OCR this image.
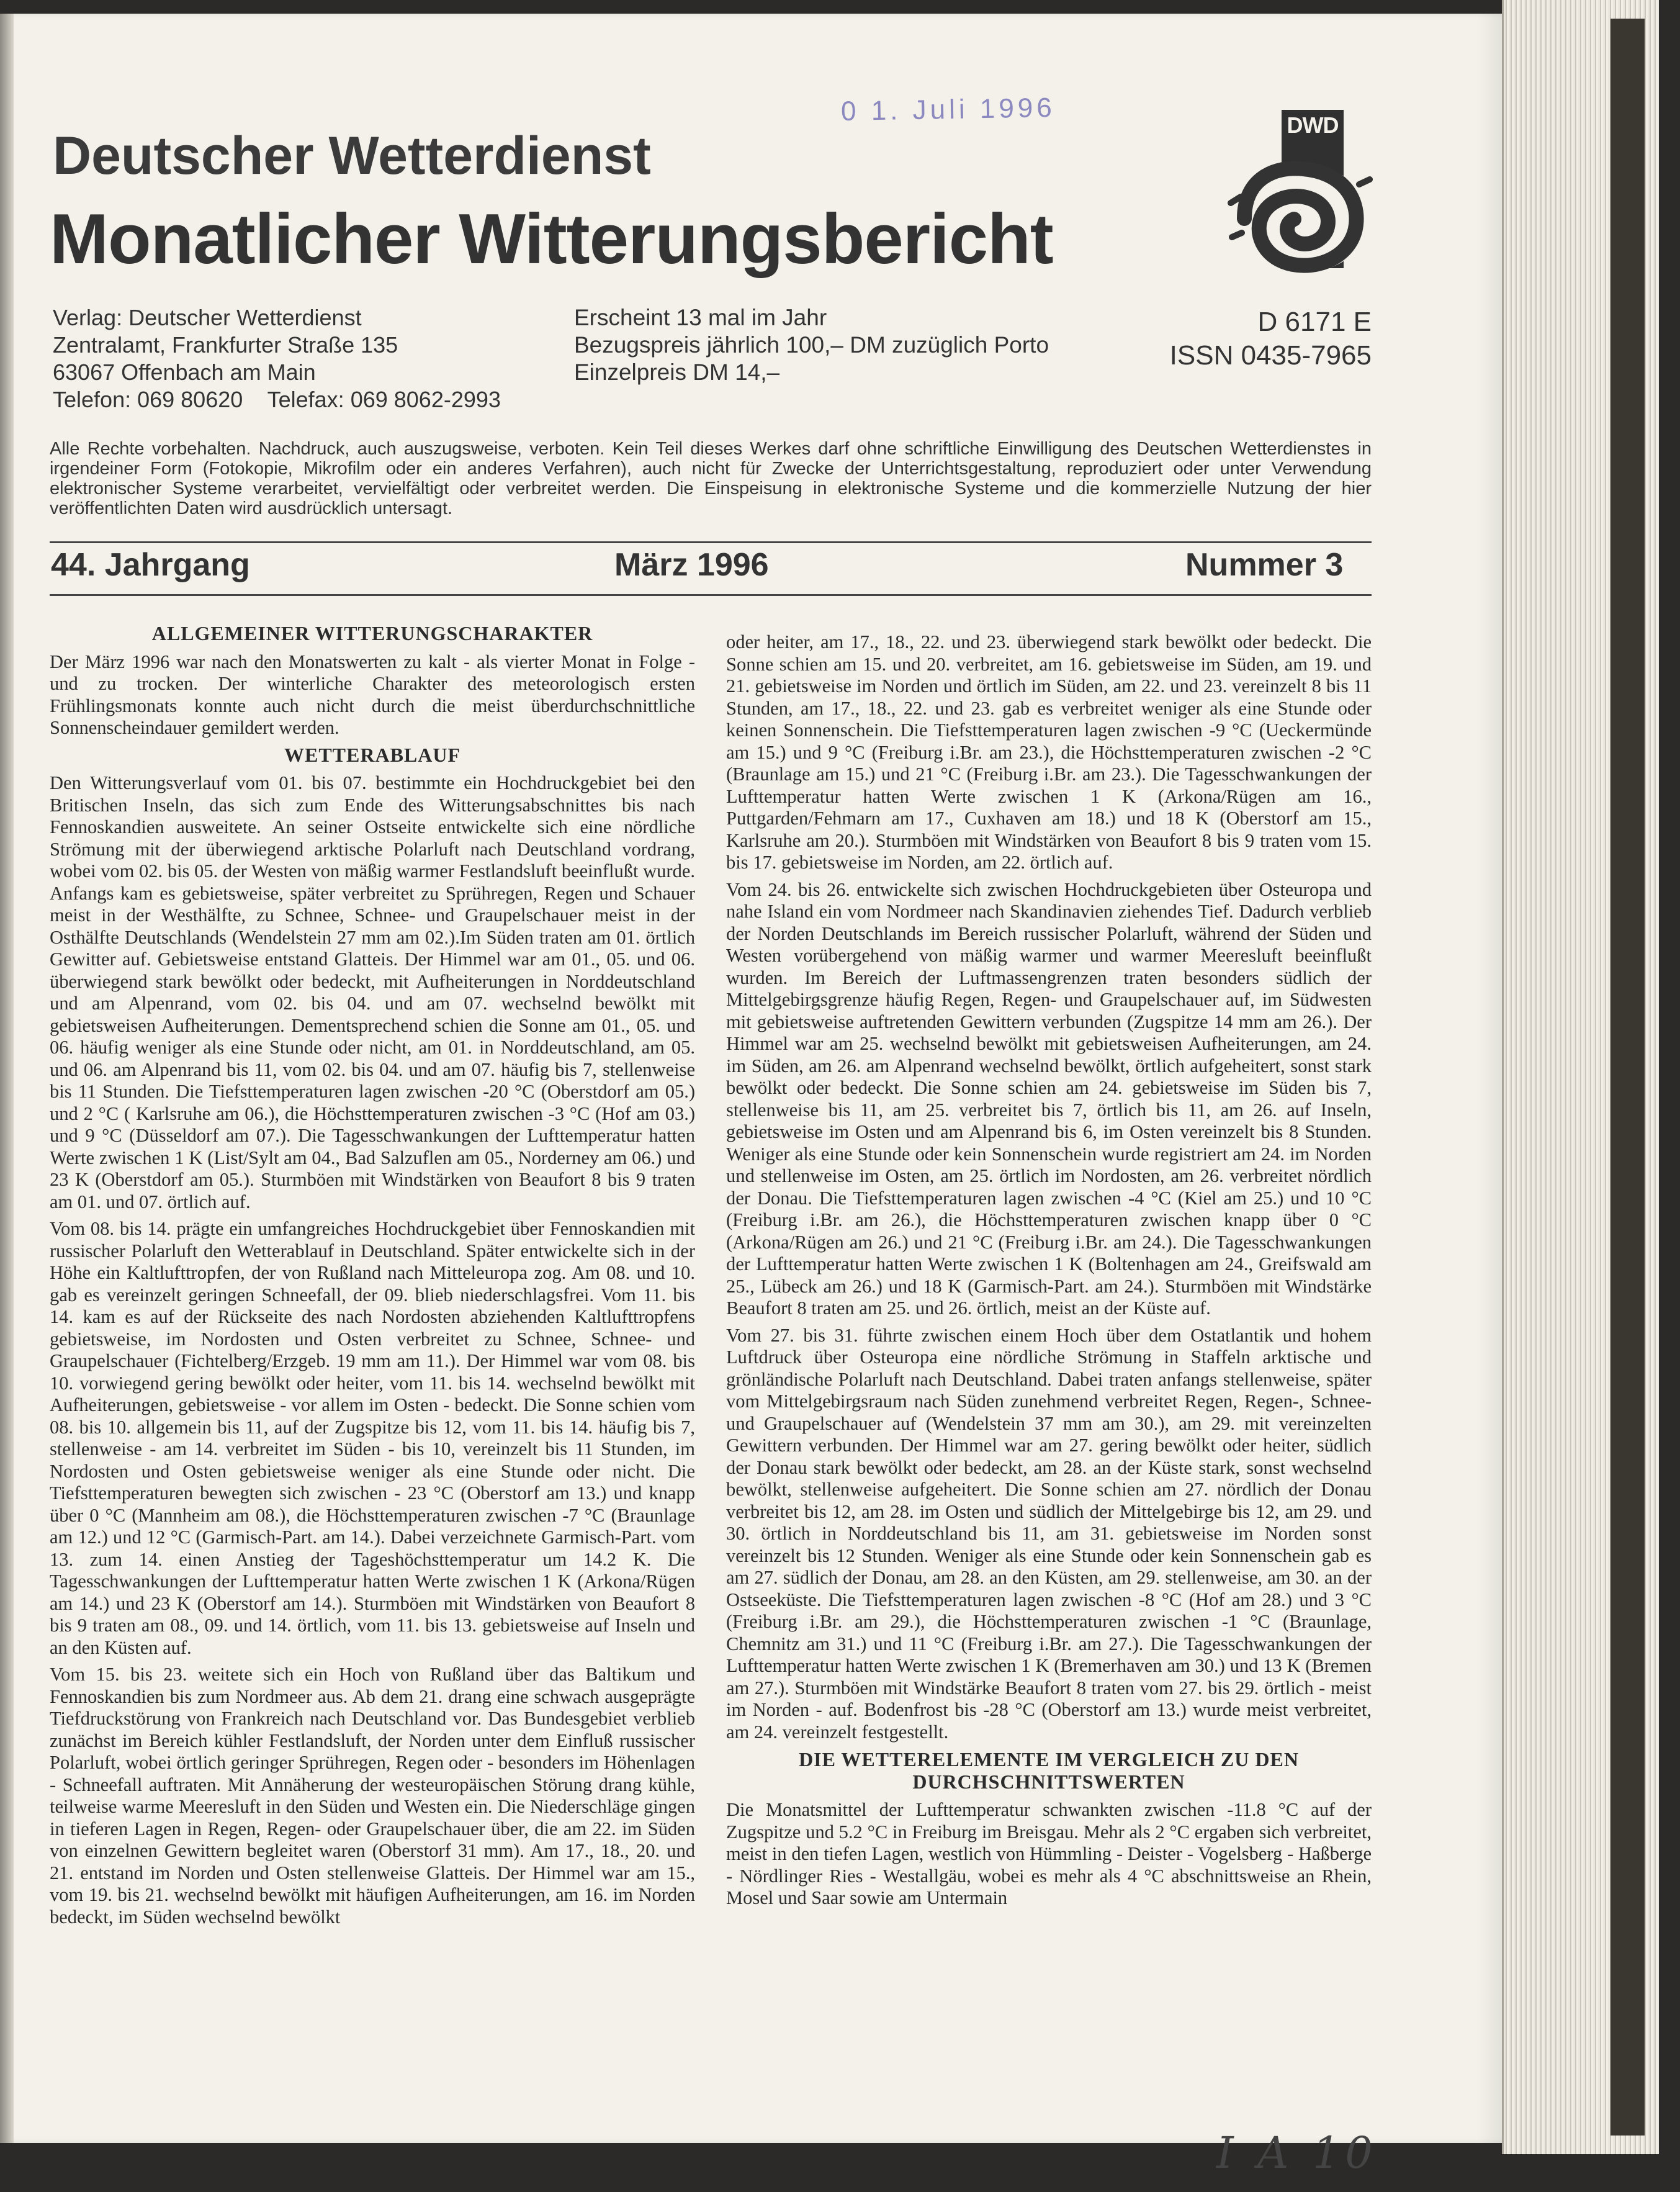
0 1. Juli 1996
Deutscher Wetterdienst
Monatlicher Witterungsbericht
DWD
Verlag: Deutscher Wetterdienst
Zentralamt, Frankfurter Straße 135
63067 Offenbach am Main
Telefon: 069 80620    Telefax: 069 8062-2993
Erscheint 13 mal im Jahr
Bezugspreis jährlich 100,– DM zuzüglich Porto
Einzelpreis DM 14,–
D 6171 E
ISSN 0435-7965
Alle Rechte vorbehalten. Nachdruck, auch auszugsweise, verboten. Kein Teil dieses Werkes darf ohne schriftliche Einwilligung des Deutschen Wetterdienstes in irgendeiner Form (Fotokopie, Mikrofilm oder ein anderes Verfahren), auch nicht für Zwecke der Unterrichtsgestaltung, reproduziert oder unter Verwendung elektronischer Systeme verarbeitet, vervielfältigt oder verbreitet werden. Die Einspeisung in elektronische Systeme und die kommerzielle Nutzung der hier veröffentlichten Daten wird ausdrücklich untersagt.
44. Jahrgang	März 1996	Nummer 3
ALLGEMEINER WITTERUNGSCHARAKTER

Der März 1996 war nach den Monatswerten zu kalt - als vierter Monat in Folge - und zu trocken. Der winterliche Charakter des meteorologisch ersten Frühlingsmonats konnte auch nicht durch die meist überdurchschnittliche Sonnenscheindauer gemildert werden.

WETTERABLAUF

Den Witterungsverlauf vom 01. bis 07. bestimmte ein Hochdruckgebiet bei den Britischen Inseln, das sich zum Ende des Witterungsabschnittes bis nach Fennoskandien ausweitete. An seiner Ostseite entwickelte sich eine nördliche Strömung mit der überwiegend arktische Polarluft nach Deutschland vordrang, wobei vom 02. bis 05. der Westen von mäßig warmer Festlandsluft beeinflußt wurde. Anfangs kam es gebietsweise, später verbreitet zu Sprühregen, Regen und Schauer meist in der Westhälfte, zu Schnee, Schnee- und Graupelschauer meist in der Osthälfte Deutschlands (Wendelstein 27 mm am 02.).Im Süden traten am 01. örtlich Gewitter auf. Gebietsweise entstand Glatteis. Der Himmel war am 01., 05. und 06. überwiegend stark bewölkt oder bedeckt, mit Aufheiterungen in Norddeutschland und am Alpenrand, vom 02. bis 04. und am 07. wechselnd bewölkt mit gebietsweisen Aufheiterungen. Dementsprechend schien die Sonne am 01., 05. und 06. häufig weniger als eine Stunde oder nicht, am 01. in Norddeutschland, am 05. und 06. am Alpenrand bis 11, vom 02. bis 04. und am 07. häufig bis 7, stellenweise bis 11 Stunden. Die Tiefsttemperaturen lagen zwischen -20 °C (Oberstdorf am 05.) und 2 °C ( Karlsruhe am 06.), die Höchsttemperaturen zwischen -3 °C (Hof am 03.) und 9 °C (Düsseldorf am 07.). Die Tagesschwankungen der Lufttemperatur hatten Werte zwischen 1 K (List/Sylt am 04., Bad Salzuflen am 05., Norderney am 06.) und 23 K (Oberstdorf am 05.). Sturmböen mit Windstärken von Beaufort 8 bis 9 traten am 01. und 07. örtlich auf.

Vom 08. bis 14. prägte ein umfangreiches Hochdruckgebiet über Fennoskandien mit russischer Polarluft den Wetterablauf in Deutschland. Später entwickelte sich in der Höhe ein Kaltlufttropfen, der von Rußland nach Mitteleuropa zog. Am 08. und 10. gab es vereinzelt geringen Schneefall, der 09. blieb niederschlagsfrei. Vom 11. bis 14. kam es auf der Rückseite des nach Nordosten abziehenden Kaltlufttropfens gebietsweise, im Nordosten und Osten verbreitet zu Schnee, Schnee- und Graupelschauer (Fichtelberg/Erzgeb. 19 mm am 11.). Der Himmel war vom 08. bis 10. vorwiegend gering bewölkt oder heiter, vom 11. bis 14. wechselnd bewölkt mit Aufheiterungen, gebietsweise - vor allem im Osten - bedeckt. Die Sonne schien vom 08. bis 10. allgemein bis 11, auf der Zugspitze bis 12, vom 11. bis 14. häufig bis 7, stellenweise - am 14. verbreitet im Süden - bis 10, vereinzelt bis 11 Stunden, im Nordosten und Osten gebietsweise weniger als eine Stunde oder nicht. Die Tiefsttemperaturen bewegten sich zwischen - 23 °C (Oberstorf am 13.) und knapp über 0 °C (Mannheim am 08.), die Höchsttemperaturen zwischen -7 °C (Braunlage am 12.) und 12 °C (Garmisch-Part. am 14.). Dabei verzeichnete Garmisch-Part. vom 13. zum 14. einen Anstieg der Tageshöchsttemperatur um 14.2 K. Die Tagesschwankungen der Lufttemperatur hatten Werte zwischen 1 K (Arkona/Rügen am 14.) und 23 K (Oberstorf am 14.). Sturmböen mit Windstärken von Beaufort 8 bis 9 traten am 08., 09. und 14. örtlich, vom 11. bis 13. gebietsweise auf Inseln und an den Küsten auf.

Vom 15. bis 23. weitete sich ein Hoch von Rußland über das Baltikum und Fennoskandien bis zum Nordmeer aus. Ab dem 21. drang eine schwach ausgeprägte Tiefdruckstörung von Frankreich nach Deutschland vor. Das Bundesgebiet verblieb zunächst im Bereich kühler Festlandsluft, der Norden unter dem Einfluß russischer Polarluft, wobei örtlich geringer Sprühregen, Regen oder - besonders im Höhenlagen - Schneefall auftraten. Mit Annäherung der westeuropäischen Störung drang kühle, teilweise warme Meeresluft in den Süden und Westen ein. Die Niederschläge gingen in tieferen Lagen in Regen, Regen- oder Graupelschauer über, die am 22. im Süden von einzelnen Gewittern begleitet waren (Oberstorf 31 mm). Am 17., 18., 20. und 21. entstand im Norden und Osten stellenweise Glatteis. Der Himmel war am 15., vom 19. bis 21. wechselnd bewölkt mit häufigen Aufheiterungen, am 16. im Norden bedeckt, im Süden wechselnd bewölkt

oder heiter, am 17., 18., 22. und 23. überwiegend stark bewölkt oder bedeckt. Die Sonne schien am 15. und 20. verbreitet, am 16. gebietsweise im Süden, am 19. und 21. gebietsweise im Norden und örtlich im Süden, am 22. und 23. vereinzelt 8 bis 11 Stunden, am 17., 18., 22. und 23. gab es verbreitet weniger als eine Stunde oder keinen Sonnenschein. Die Tiefsttemperaturen lagen zwischen -9 °C (Ueckermünde am 15.) und 9 °C (Freiburg i.Br. am 23.), die Höchsttemperaturen zwischen -2 °C (Braunlage am 15.) und 21 °C (Freiburg i.Br. am 23.). Die Tagesschwankungen der Lufttemperatur hatten Werte zwischen 1 K (Arkona/Rügen am 16., Puttgarden/Fehmarn am 17., Cuxhaven am 18.) und 18 K (Oberstorf am 15., Karlsruhe am 20.). Sturmböen mit Windstärken von Beaufort 8 bis 9 traten vom 15. bis 17. gebietsweise im Norden, am 22. örtlich auf.

Vom 24. bis 26. entwickelte sich zwischen Hochdruckgebieten über Osteuropa und nahe Island ein vom Nordmeer nach Skandinavien ziehendes Tief. Dadurch verblieb der Norden Deutschlands im Bereich russischer Polarluft, während der Süden und Westen vorübergehend von mäßig warmer und warmer Meeresluft beeinflußt wurden. Im Bereich der Luftmassengrenzen traten besonders südlich der Mittelgebirgsgrenze häufig Regen, Regen- und Graupelschauer auf, im Südwesten mit gebietsweise auftretenden Gewittern verbunden (Zugspitze 14 mm am 26.). Der Himmel war am 25. wechselnd bewölkt mit gebietsweisen Aufheiterungen, am 24. im Süden, am 26. am Alpenrand wechselnd bewölkt, örtlich aufgeheitert, sonst stark bewölkt oder bedeckt. Die Sonne schien am 24. gebietsweise im Süden bis 7, stellenweise bis 11, am 25. verbreitet bis 7, örtlich bis 11, am 26. auf Inseln, gebietsweise im Osten und am Alpenrand bis 6, im Osten vereinzelt bis 8 Stunden. Weniger als eine Stunde oder kein Sonnenschein wurde registriert am 24. im Norden und stellenweise im Osten, am 25. örtlich im Nordosten, am 26. verbreitet nördlich der Donau. Die Tiefsttemperaturen lagen zwischen -4 °C (Kiel am 25.) und 10 °C (Freiburg i.Br. am 26.), die Höchsttemperaturen zwischen knapp über 0 °C (Arkona/Rügen am 26.) und 21 °C (Freiburg i.Br. am 24.). Die Tagesschwankungen der Lufttemperatur hatten Werte zwischen 1 K (Boltenhagen am 24., Greifswald am 25., Lübeck am 26.) und 18 K (Garmisch-Part. am 24.). Sturmböen mit Windstärke Beaufort 8 traten am 25. und 26. örtlich, meist an der Küste auf.

Vom 27. bis 31. führte zwischen einem Hoch über dem Ostatlantik und hohem Luftdruck über Osteuropa eine nördliche Strömung in Staffeln arktische und grönländische Polarluft nach Deutschland. Dabei traten anfangs stellenweise, später vom Mittelgebirgsraum nach Süden zunehmend verbreitet Regen, Regen-, Schnee- und Graupelschauer auf (Wendelstein 37 mm am 30.), am 29. mit vereinzelten Gewittern verbunden. Der Himmel war am 27. gering bewölkt oder heiter, südlich der Donau stark bewölkt oder bedeckt, am 28. an der Küste stark, sonst wechselnd bewölkt, stellenweise aufgeheitert. Die Sonne schien am 27. nördlich der Donau verbreitet bis 12, am 28. im Osten und südlich der Mittelgebirge bis 12, am 29. und 30. örtlich in Norddeutschland bis 11, am 31. gebietsweise im Norden sonst vereinzelt bis 12 Stunden. Weniger als eine Stunde oder kein Sonnenschein gab es am 27. südlich der Donau, am 28. an den Küsten, am 29. stellenweise, am 30. an der Ostseeküste. Die Tiefsttemperaturen lagen zwischen -8 °C (Hof am 28.) und 3 °C (Freiburg i.Br. am 29.), die Höchsttemperaturen zwischen -1 °C (Braunlage, Chemnitz am 31.) und 11 °C (Freiburg i.Br. am 27.). Die Tagesschwankungen der Lufttemperatur hatten Werte zwischen 1 K (Bremerhaven am 30.) und 13 K (Bremen am 27.). Sturmböen mit Windstärke Beaufort 8 traten vom 27. bis 29. örtlich - meist im Norden - auf. Bodenfrost bis -28 °C (Oberstorf am 13.) wurde meist verbreitet, am 24. vereinzelt festgestellt.

DIE WETTERELEMENTE IM VERGLEICH ZU DEN
DURCHSCHNITTSWERTEN

Die Monatsmittel der Lufttemperatur schwankten zwischen -11.8 °C auf der Zugspitze und 5.2 °C in Freiburg im Breisgau. Mehr als 2 °C ergaben sich verbreitet, meist in den tiefen Lagen, westlich von Hümmling - Deister - Vogelsberg - Haßberge - Nördlinger Ries - Westallgäu, wobei es mehr als 4 °C abschnittsweise an Rhein, Mosel und Saar sowie am Untermain

I A 10
